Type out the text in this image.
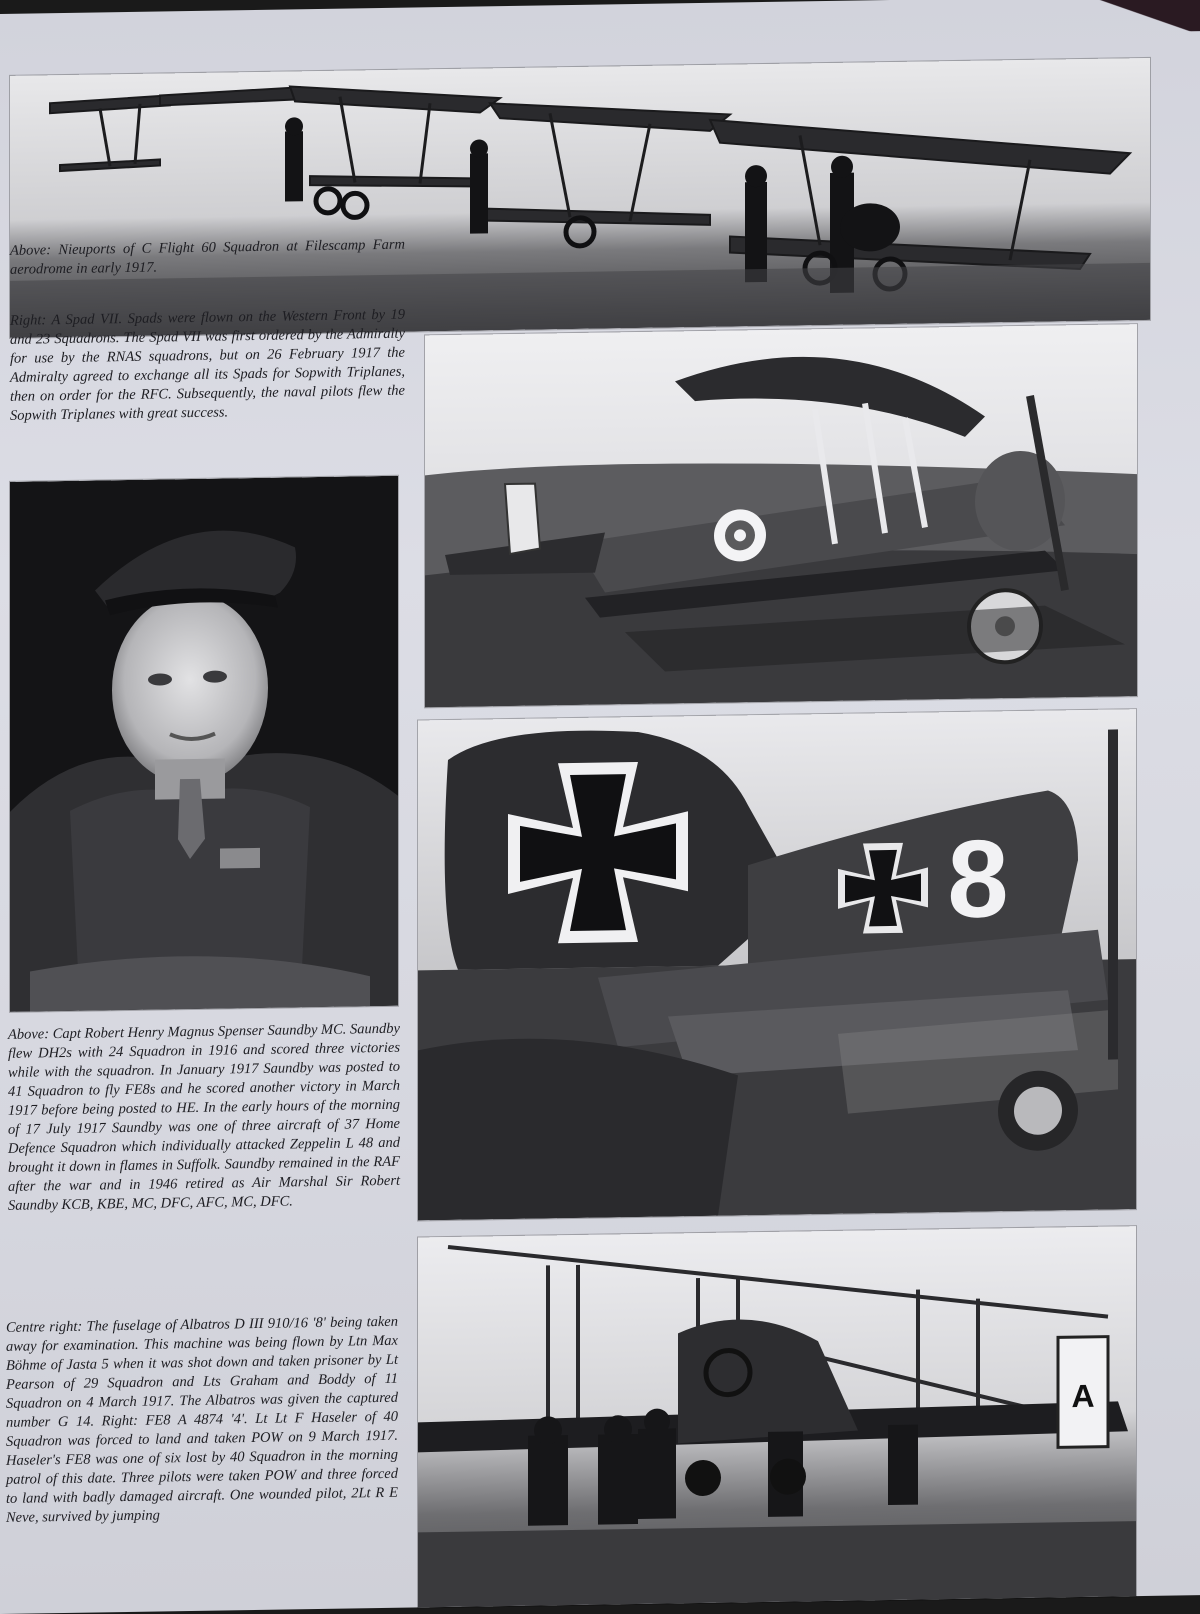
Above: Nieuports of C Flight 60 Squadron at Filescamp Farm aerodrome in early 1917.

Right: A Spad VII. Spads were flown on the Western Front by 19 and 23 Squadrons. The Spad VII was first ordered by the Admiralty for use by the RNAS squadrons, but on 26 February 1917 the Admiralty agreed to exchange all its Spads for Sopwith Triplanes, then on order for the RFC. Subsequently, the naval pilots flew the Sopwith Triplanes with great success.

Above: Capt Robert Henry Magnus Spenser Saundby MC. Saundby flew DH2s with 24 Squadron in 1916 and scored three victories while with the squadron. In January 1917 Saundby was posted to 41 Squadron to fly FE8s and he scored another victory in March 1917 before being posted to HE. In the early hours of the morning of 17 July 1917 Saundby was one of three aircraft of 37 Home Defence Squadron which individually attacked Zeppelin L 48 and brought it down in flames in Suffolk. Saundby remained in the RAF after the war and in 1946 retired as Air Marshal Sir Robert Saundby KCB, KBE, MC, DFC, AFC, MC, DFC.

8

Centre right: The fuselage of Albatros D III 910/16 '8' being taken away for examination. This machine was being flown by Ltn Max Böhme of Jasta 5 when it was shot down and taken prisoner by Lt Pearson of 29 Squadron and Lts Graham and Boddy of 11 Squadron on 4 March 1917. The Albatros was given the captured number G 14. Right: FE8 A 4874 '4'. Lt Lt F Haseler of 40 Squadron was forced to land and taken POW on 9 March 1917. Haseler's FE8 was one of six lost by 40 Squadron in the morning patrol of this date. Three pilots were taken POW and three forced to land with badly damaged aircraft. One wounded pilot, 2Lt R E Neve, survived by jumping

A
